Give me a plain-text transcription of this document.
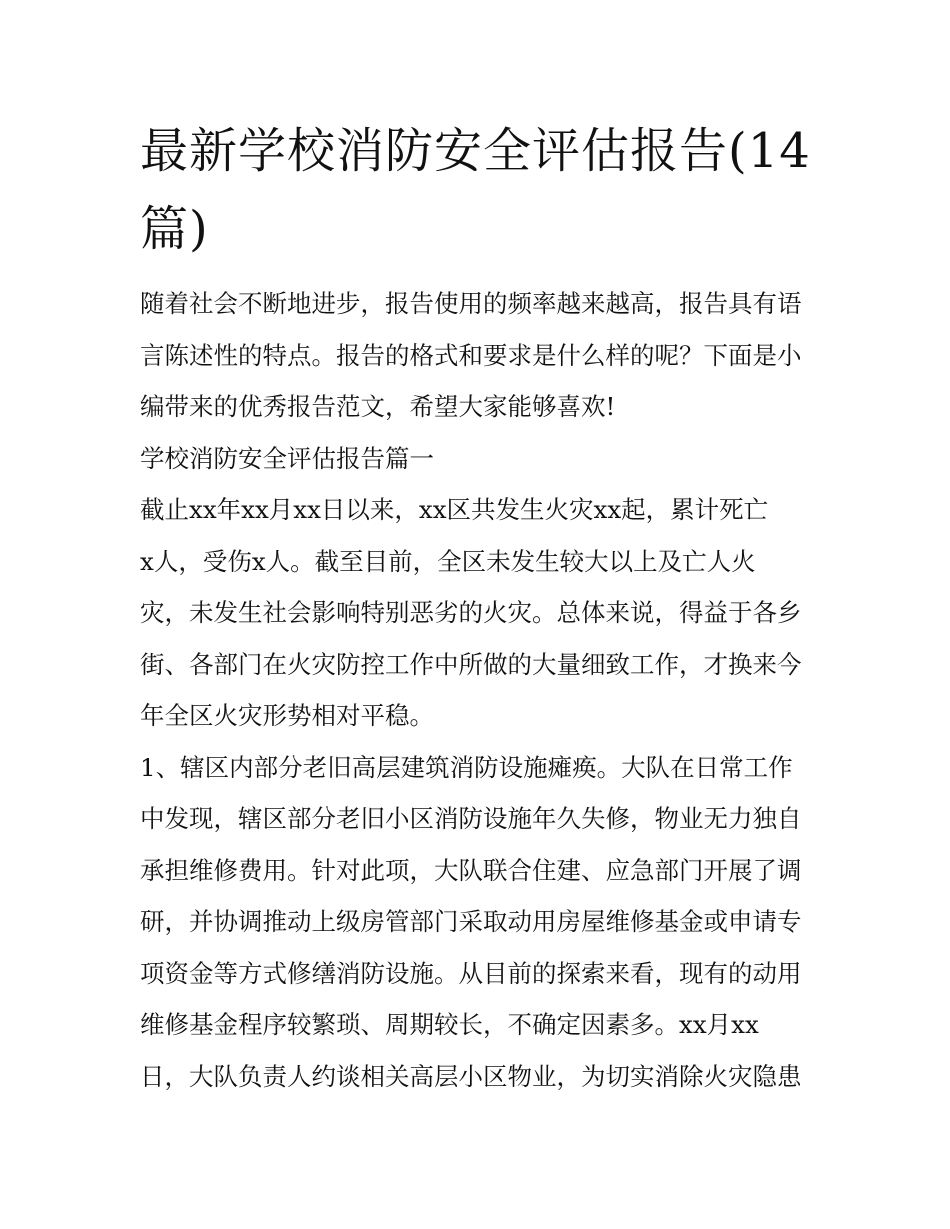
最新学校消防安全评估报告(14
篇)
随着社会不断地进步，报告使用的频率越来越高，报告具有语
言陈述性的特点。报告的格式和要求是什么样的呢？下面是小
编带来的优秀报告范文，希望大家能够喜欢!
学校消防安全评估报告篇一
截止xx年xx月xx日以来，xx区共发生火灾xx起，累计死亡
x人，受伤x人。截至目前，全区未发生较大以上及亡人火
灾，未发生社会影响特别恶劣的火灾。总体来说，得益于各乡
街、各部门在火灾防控工作中所做的大量细致工作，才换来今
年全区火灾形势相对平稳。
1、辖区内部分老旧高层建筑消防设施瘫痪。大队在日常工作
中发现，辖区部分老旧小区消防设施年久失修，物业无力独自
承担维修费用。针对此项，大队联合住建、应急部门开展了调
研，并协调推动上级房管部门采取动用房屋维修基金或申请专
项资金等方式修缮消防设施。从目前的探索来看，现有的动用
维修基金程序较繁琐、周期较长，不确定因素多。xx月xx
日，大队负责人约谈相关高层小区物业，为切实消除火灾隐患
